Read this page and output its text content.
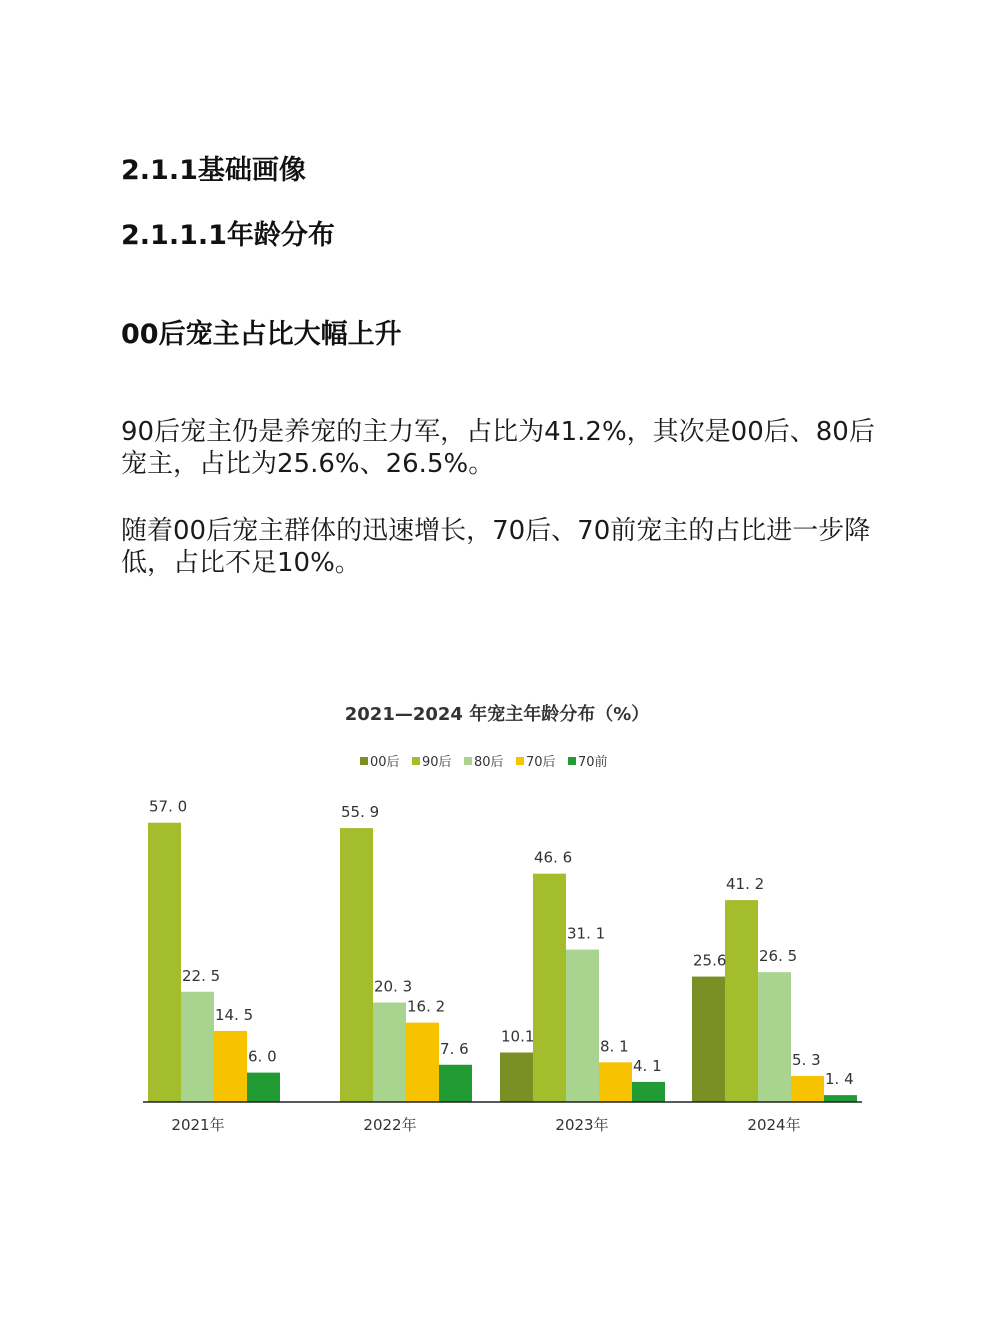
2.1.1基础画像
2.1.1.1年龄分布
00后宠主占比大幅上升
90后宠主仍是养宠的主力军，占比为41.2%，其次是00后、80后宠主，占比为25.6%、26.5%。
随着00后宠主群体的迅速增长，70后、70前宠主的占比进一步降低，占比不足10%。
2021—2024 年宠主年龄分布（%）
00后 90后 80后 70后 70前
57. 0
22. 5
14. 5
6. 0
55. 9
20. 3
16. 2
7. 6
10.1
46. 6
31. 1
8. 1
4. 1
25.6
41. 2
26. 5
5. 3
1. 4
2021年	2022年	2023年	2024年
